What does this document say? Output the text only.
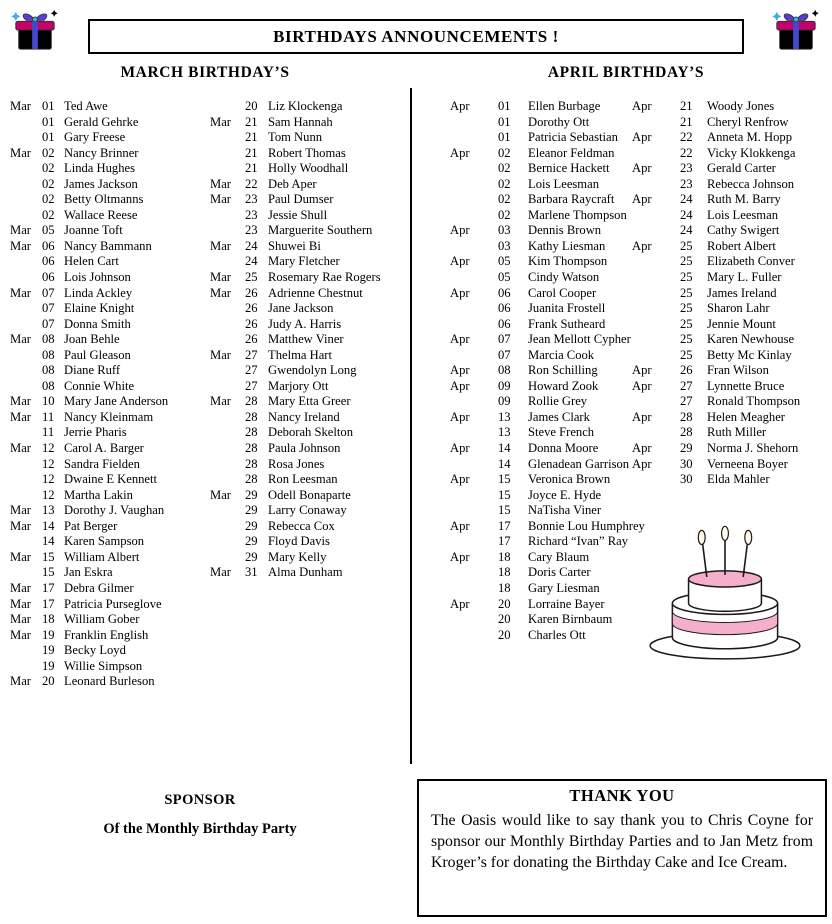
BIRTHDAYS ANNOUNCEMENTS !
MARCH BIRTHDAY’S	APRIL BIRTHDAY’S
Mar 01 Ted Awe
01 Gerald Gehrke
01 Gary Freese
Mar 02 Nancy Brinner
02 Linda Hughes
02 James Jackson
02 Betty Oltmanns
02 Wallace Reese
Mar 05 Joanne Toft
Mar 06 Nancy Bammann
06 Helen Cart
06 Lois Johnson
Mar 07 Linda Ackley
07 Elaine Knight
07 Donna Smith
Mar 08 Joan Behle
08 Paul Gleason
08 Diane Ruff
08 Connie White
Mar 10 Mary Jane Anderson
Mar 11 Nancy Kleinmam
11 Jerrie Pharis
Mar 12 Carol A. Barger
12 Sandra Fielden
12 Dwaine E Kennett
12 Martha Lakin
Mar 13 Dorothy J. Vaughan
Mar 14 Pat Berger
14 Karen Sampson
Mar 15 William Albert
15 Jan Eskra
Mar 17 Debra Gilmer
Mar 17 Patricia Purseglove
Mar 18 William Gober
Mar 19 Franklin English
19 Becky Loyd
19 Willie Simpson
Mar 20 Leonard Burleson
20 Liz Klockenga
Mar	21 Sam Hannah
21 Tom Nunn
21 Robert Thomas
21 Holly Woodhall
Mar	22 Deb Aper
Mar	23 Paul Dumser
23 Jessie Shull
23 Marguerite Southern
Mar	24 Shuwei Bi
24 Mary Fletcher
Mar	25 Rosemary Rae Rogers
Mar	26 Adrienne Chestnut
26 Jane Jackson
26 Judy A. Harris
26 Matthew Viner
Mar	27 Thelma Hart
27 Gwendolyn Long
27 Marjory Ott
Mar	28 Mary Etta Greer
28 Nancy Ireland
28 Deborah Skelton
28 Paula Johnson
28 Rosa Jones
28 Ron Leesman
Mar	29 Odell Bonaparte
29 Larry Conaway
29 Rebecca Cox
29 Floyd Davis
29 Mary Kelly
Mar	31 Alma Dunham
Apr	01	Ellen Burbage
01	Dorothy Ott
01	Patricia Sebastian
Apr	02	Eleanor Feldman
02	Bernice Hackett
02	Lois Leesman
02	Barbara Raycraft
02	Marlene Thompson
Apr	03	Dennis Brown
03	Kathy Liesman
Apr	05	Kim Thompson
05	Cindy Watson
Apr	06	Carol Cooper
06	Juanita Frostell
06	Frank Sutheard
Apr	07	Jean Mellott Cypher
07	Marcia Cook
Apr	08	Ron Schilling
Apr	09	Howard Zook
09	Rollie Grey
Apr	13	James Clark
13	Steve French
Apr	14	Donna Moore
14	Glenadean Garrison
Apr	15	Veronica Brown
15	Joyce E. Hyde
15	NaTisha Viner
Apr	17	Bonnie Lou Humphrey
17	Richard “Ivan” Ray
Apr	18	Cary Blaum
18	Doris Carter
18	Gary Liesman
Apr	20	Lorraine Bayer
20	Karen Birnbaum
20	Charles Ott
Apr	21	Woody Jones
21	Cheryl Renfrow
Apr	22	Anneta M. Hopp
22	Vicky Klokkenga
Apr	23	Gerald Carter
23	Rebecca Johnson
Apr	24	Ruth M. Barry
24	Lois Leesman
24	Cathy Swigert
Apr	25	Robert Albert
25	Elizabeth Conver
25	Mary L. Fuller
25	James Ireland
25	Sharon Lahr
25	Jennie Mount
25	Karen Newhouse
25	Betty Mc Kinlay
Apr	26	Fran Wilson
Apr	27	Lynnette Bruce
27	Ronald Thompson
Apr	28	Helen Meagher
28	Ruth Miller
Apr	29	Norma J. Shehorn
Apr	30	Verneena Boyer
30	Elda Mahler
SPONSOR
Of the Monthly Birthday Party
THANK YOU

The Oasis would like to say thank you to Chris Coyne for sponsor our Monthly Birthday Parties and to Jan Metz from Kroger’s for donating the Birthday Cake and Ice Cream.
